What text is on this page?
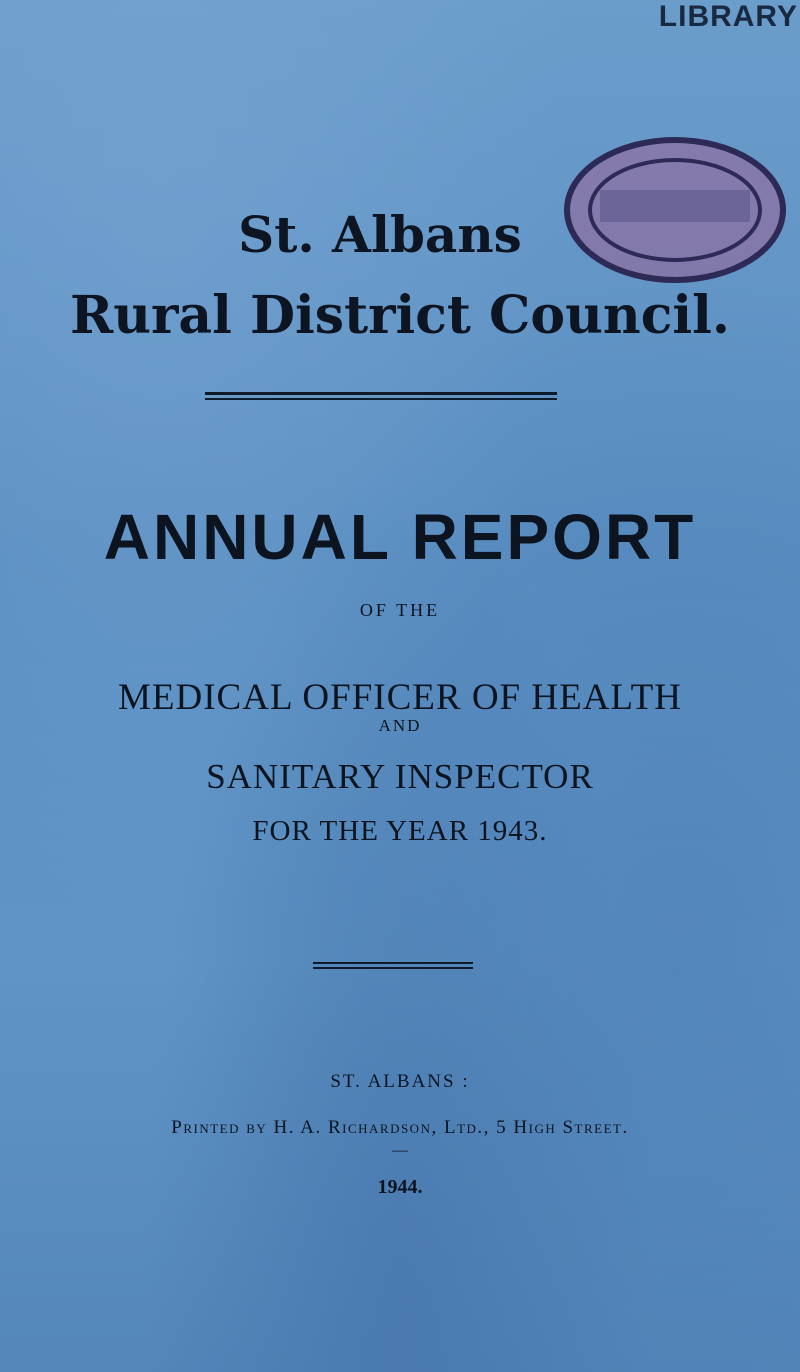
LIBRARY

St. Albans

Rural District Council.

ANNUAL REPORT

OF THE

MEDICAL OFFICER OF HEALTH

AND

SANITARY INSPECTOR

FOR THE YEAR 1943.

ST. ALBANS :

Printed by H. A. Richardson, Ltd., 5 High Street.

—

1944.
